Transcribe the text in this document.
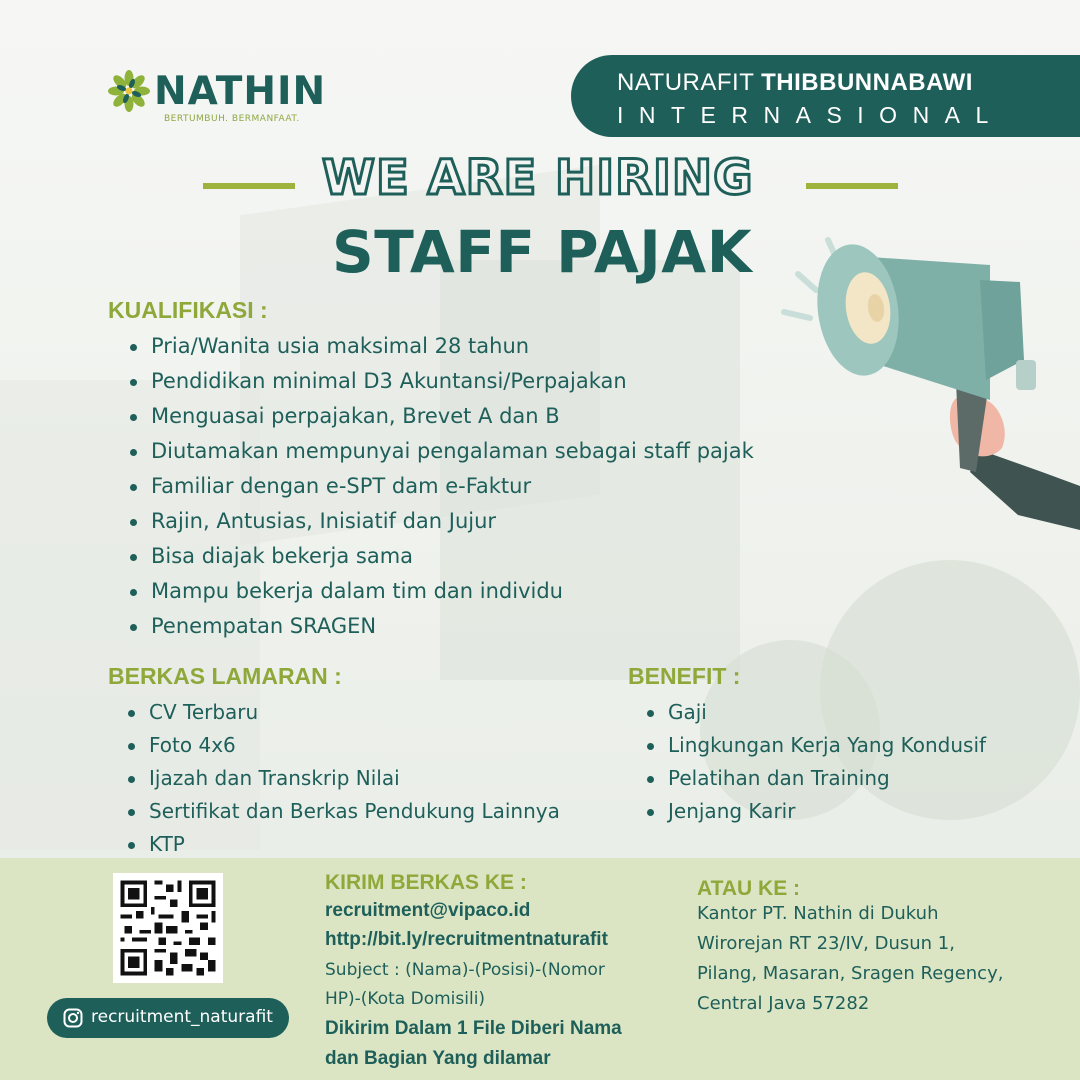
NATHIN
BERTUMBUH. BERMANFAAT.
NATURAFIT THIBBUNNABAWI
INTERNASIONAL
WE ARE HIRING
STAFF PAJAK
KUALIFIKASI :
Pria/Wanita usia maksimal 28 tahun
Pendidikan minimal D3 Akuntansi/Perpajakan
Menguasai perpajakan, Brevet A dan B
Diutamakan mempunyai pengalaman sebagai staff pajak
Familiar dengan e-SPT dam e-Faktur
Rajin, Antusias, Inisiatif dan Jujur
Bisa diajak bekerja sama
Mampu bekerja dalam tim dan individu
Penempatan SRAGEN
BERKAS LAMARAN :
CV Terbaru
Foto 4x6
Ijazah dan Transkrip Nilai
Sertifikat dan Berkas Pendukung Lainnya
KTP
BENEFIT :
Gaji
Lingkungan Kerja Yang Kondusif
Pelatihan dan Training
Jenjang Karir
recruitment_naturafit
KIRIM BERKAS KE :
recruitment@vipaco.id
http://bit.ly/recruitmentnaturafit
Subject : (Nama)-(Posisi)-(Nomor
HP)-(Kota Domisili)
Dikirim Dalam 1 File Diberi Nama
dan Bagian Yang dilamar
ATAU KE :
Kantor PT. Nathin di Dukuh
Wirorejan RT 23/IV, Dusun 1,
Pilang, Masaran, Sragen Regency,
Central Java 57282
